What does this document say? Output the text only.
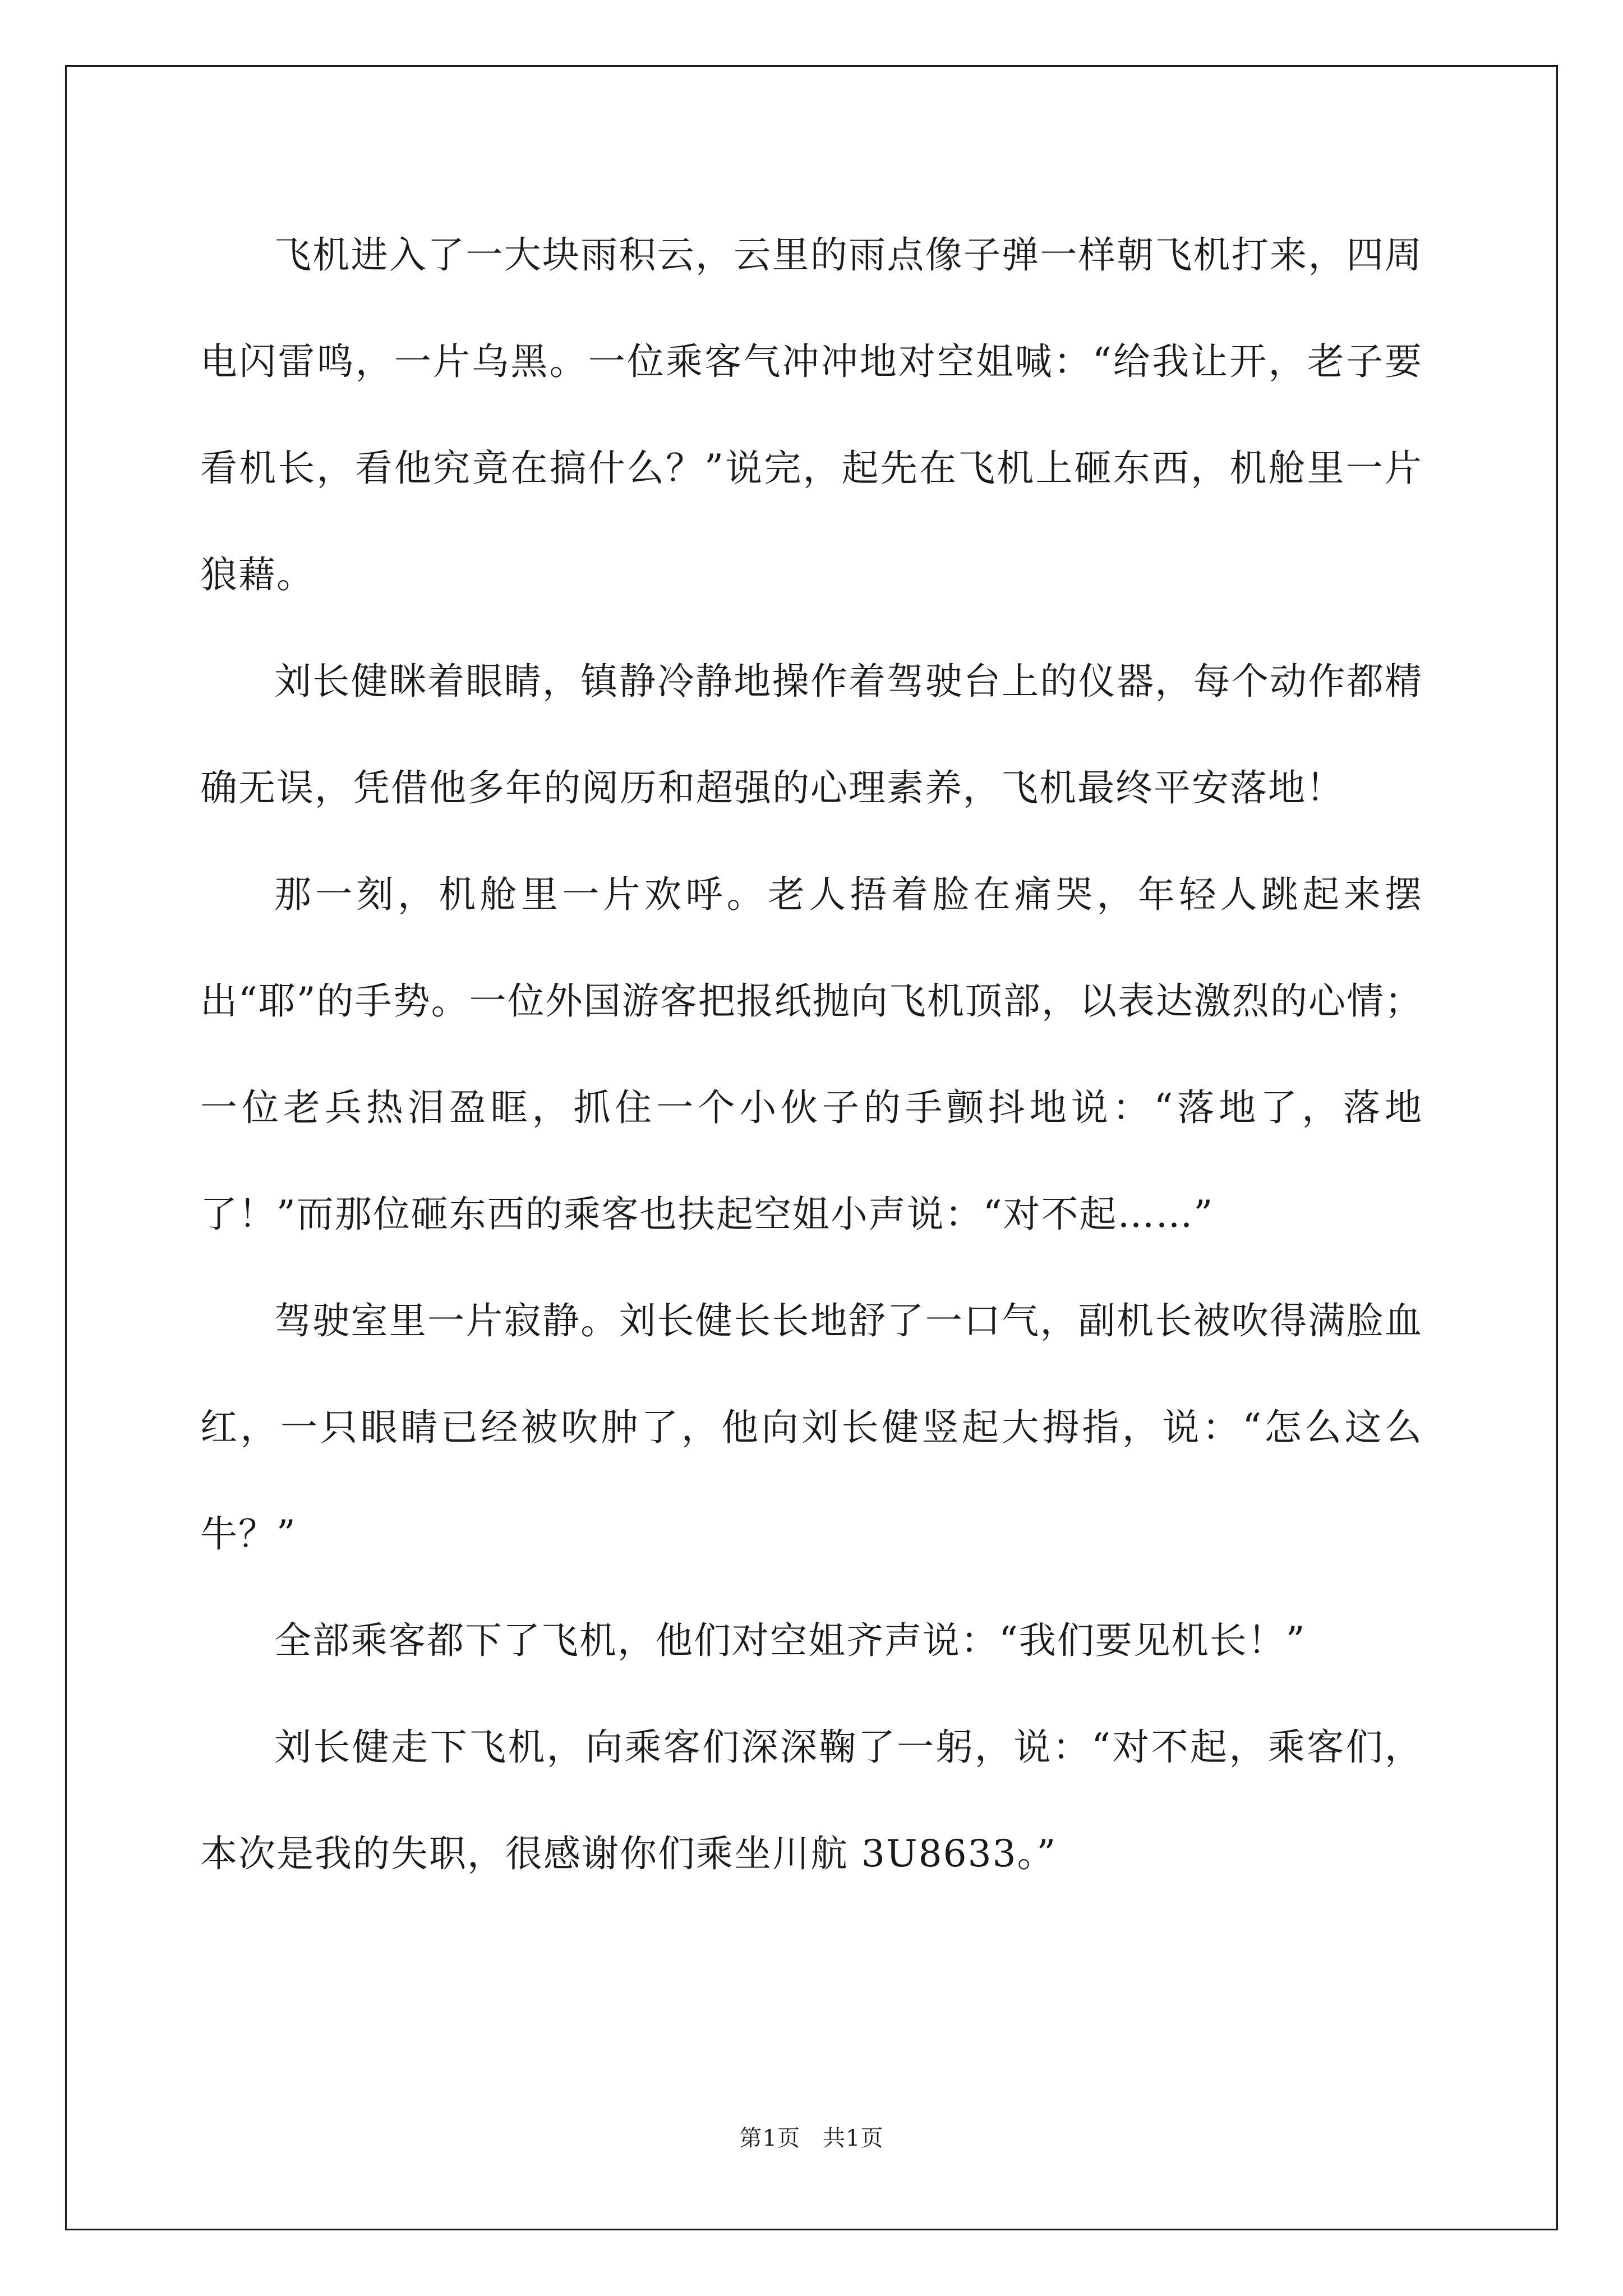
飞机进入了一大块雨积云，云里的雨点像子弹一样朝飞机打来，四周电闪雷鸣，一片乌黑。一位乘客气冲冲地对空姐喊：“给我让开，老子要看机长，看他究竟在搞什么？”说完，起先在飞机上砸东西，机舱里一片狼藉。

刘长健眯着眼睛，镇静冷静地操作着驾驶台上的仪器，每个动作都精确无误，凭借他多年的阅历和超强的心理素养，飞机最终平安落地！

那一刻，机舱里一片欢呼。老人捂着脸在痛哭，年轻人跳起来摆出“耶”的手势。一位外国游客把报纸抛向飞机顶部，以表达激烈的心情；一位老兵热泪盈眶，抓住一个小伙子的手颤抖地说：“落地了，落地了！”而那位砸东西的乘客也扶起空姐小声说：“对不起……”

驾驶室里一片寂静。刘长健长长地舒了一口气，副机长被吹得满脸血红，一只眼睛已经被吹肿了，他向刘长健竖起大拇指，说：“怎么这么牛？”

全部乘客都下了飞机，他们对空姐齐声说：“我们要见机长！”

刘长健走下飞机，向乘客们深深鞠了一躬，说：“对不起，乘客们，本次是我的失职，很感谢你们乘坐川航 3U8633。”

第1页 共1页
